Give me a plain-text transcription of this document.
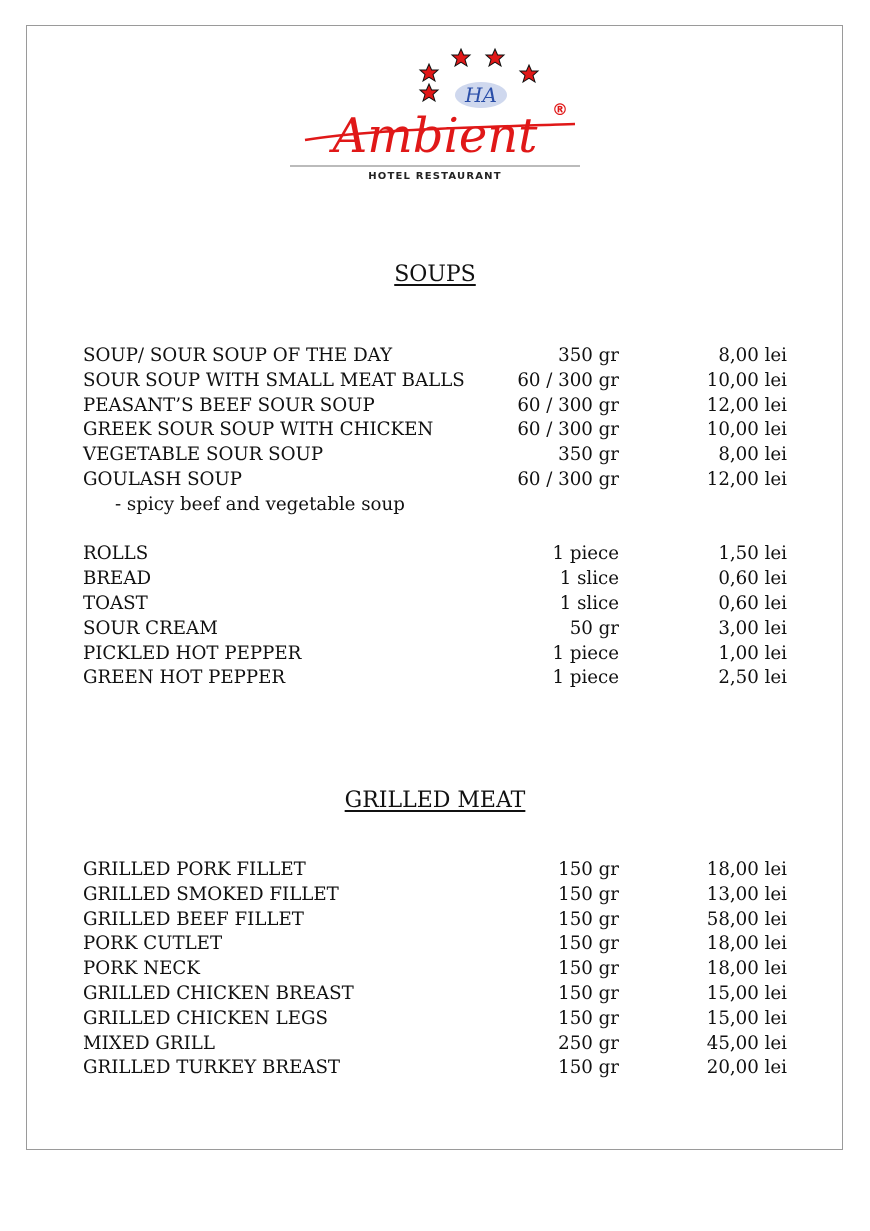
HA
Ambient ®
HOTEL RESTAURANT
SOUPS
SOUP/ SOUR SOUP OF THE DAY	350 gr	8,00 lei
SOUR SOUP WITH SMALL MEAT BALLS	60 / 300 gr	10,00 lei
PEASANT’S BEEF SOUR SOUP	60 / 300 gr	12,00 lei
GREEK SOUR SOUP WITH CHICKEN	60 / 300 gr	10,00 lei
VEGETABLE SOUR SOUP	350 gr	8,00 lei
GOULASH SOUP	60 / 300 gr	12,00 lei
- spicy beef and vegetable soup
ROLLS	1 piece	1,50 lei
BREAD	1 slice	0,60 lei
TOAST	1 slice	0,60 lei
SOUR CREAM	50 gr	3,00 lei
PICKLED HOT PEPPER	1 piece	1,00 lei
GREEN HOT PEPPER	1 piece	2,50 lei
GRILLED MEAT
GRILLED PORK FILLET	150 gr	18,00 lei
GRILLED SMOKED FILLET	150 gr	13,00 lei
GRILLED BEEF FILLET	150 gr	58,00 lei
PORK CUTLET	150 gr	18,00 lei
PORK NECK	150 gr	18,00 lei
GRILLED CHICKEN BREAST	150 gr	15,00 lei
GRILLED CHICKEN LEGS	150 gr	15,00 lei
MIXED GRILL	250 gr	45,00 lei
GRILLED TURKEY BREAST	150 gr	20,00 lei
